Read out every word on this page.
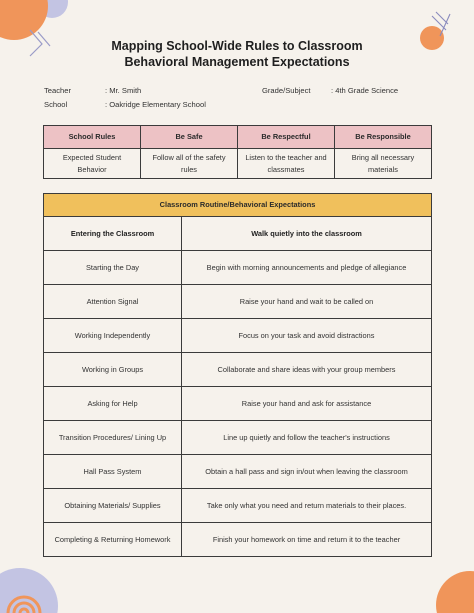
Mapping School-Wide Rules to Classroom
Behavioral Management Expectations
Teacher	: Mr. Smith	Grade/Subject	: 4th Grade Science
School	: Oakridge Elementary School
School Rules	Be Safe	Be Respectful	Be Responsible
Expected Student Behavior	Follow all of the safety rules	Listen to the teacher and classmates	Bring all necessary materials
Classroom Routine/Behavioral Expectations	
Entering the Classroom	Walk quietly into the classroom
Starting the Day	Begin with morning announcements and pledge of allegiance
Attention Signal	Raise your hand and wait to be called on
Working Independently	Focus on your task and avoid distractions
Working in Groups	Collaborate and share ideas with your group members
Asking for Help	Raise your hand and ask for assistance
Transition Procedures/ Lining Up	Line up quietly and follow the teacher's instructions
Hall Pass System	Obtain a hall pass and sign in/out when leaving the classroom
Obtaining Materials/ Supplies	Take only what you need and return materials to their places.
Completing & Returning Homework	Finish your homework on time and return it to the teacher
